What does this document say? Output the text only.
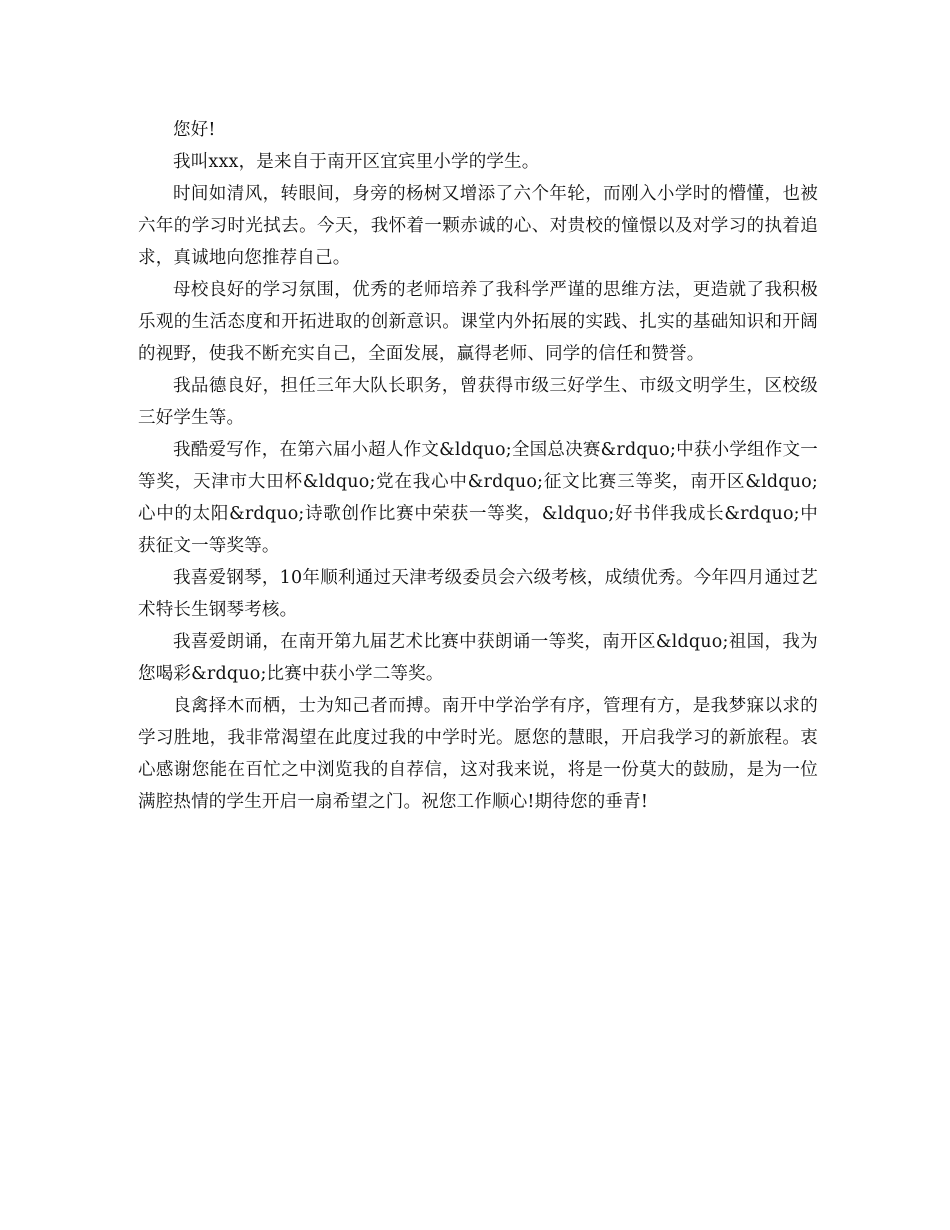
您好!

我叫xxx，是来自于南开区宜宾里小学的学生。

时间如清风，转眼间，身旁的杨树又增添了六个年轮，而刚入小学时的懵懂，也被六年的学习时光拭去。今天，我怀着一颗赤诚的心、对贵校的憧憬以及对学习的执着追求，真诚地向您推荐自己。

母校良好的学习氛围，优秀的老师培养了我科学严谨的思维方法，更造就了我积极乐观的生活态度和开拓进取的创新意识。课堂内外拓展的实践、扎实的基础知识和开阔的视野，使我不断充实自己，全面发展，赢得老师、同学的信任和赞誉。

我品德良好，担任三年大队长职务，曾获得市级三好学生、市级文明学生，区校级三好学生等。

我酷爱写作，在第六届小超人作文&ldquo;全国总决赛&rdquo;中获小学组作文一等奖，天津市大田杯&ldquo;党在我心中&rdquo;征文比赛三等奖，南开区&ldquo;心中的太阳&rdquo;诗歌创作比赛中荣获一等奖，&ldquo;好书伴我成长&rdquo;中获征文一等奖等。

我喜爱钢琴，10年顺利通过天津考级委员会六级考核，成绩优秀。今年四月通过艺术特长生钢琴考核。

我喜爱朗诵，在南开第九届艺术比赛中获朗诵一等奖，南开区&ldquo;祖国，我为您喝彩&rdquo;比赛中获小学二等奖。

良禽择木而栖，士为知己者而搏。南开中学治学有序，管理有方，是我梦寐以求的学习胜地，我非常渴望在此度过我的中学时光。愿您的慧眼，开启我学习的新旅程。衷心感谢您能在百忙之中浏览我的自荐信，这对我来说，将是一份莫大的鼓励，是为一位满腔热情的学生开启一扇希望之门。祝您工作顺心!期待您的垂青!
